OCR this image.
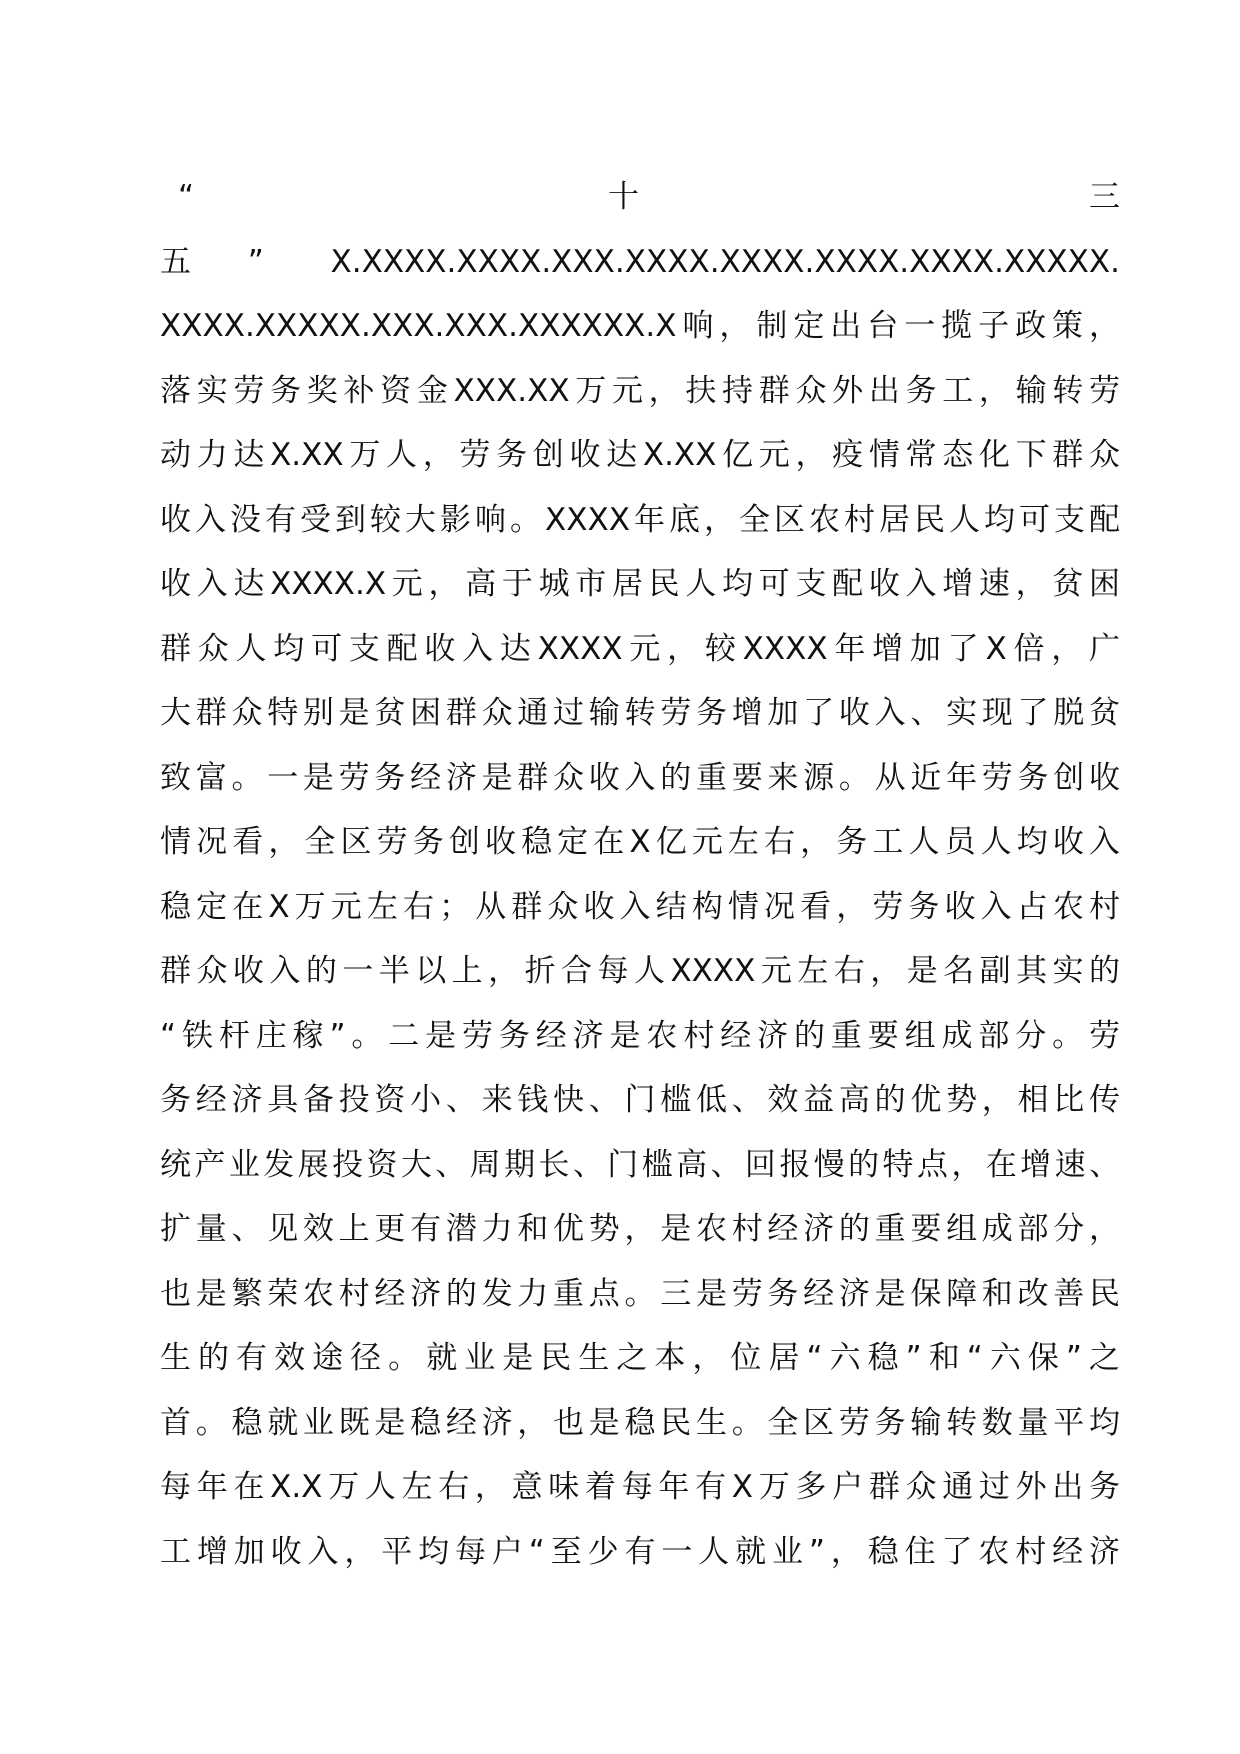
“	十	三
五” X.XXXX.XXXX.XXX.XXXX.XXXX.XXXX.XXXX.XXXXX.
XXXX.XXXXX.XXX.XXX.XXXXXX.X响，制定出台一揽子政策，
落实劳务奖补资金XXX.XX万元，扶持群众外出务工，输转劳
动力达X.XX万人，劳务创收达X.XX亿元，疫情常态化下群众
收入没有受到较大影响。XXXX年底，全区农村居民人均可支配
收入达XXXX.X元，高于城市居民人均可支配收入增速，贫困
群众人均可支配收入达XXXX元，较XXXX年增加了X倍，广
大群众特别是贫困群众通过输转劳务增加了收入、实现了脱贫
致富。一是劳务经济是群众收入的重要来源。从近年劳务创收
情况看，全区劳务创收稳定在X亿元左右，务工人员人均收入
稳定在X万元左右；从群众收入结构情况看，劳务收入占农村
群众收入的一半以上，折合每人XXXX元左右，是名副其实的
“铁杆庄稼”。二是劳务经济是农村经济的重要组成部分。劳
务经济具备投资小、来钱快、门槛低、效益高的优势，相比传
统产业发展投资大、周期长、门槛高、回报慢的特点，在增速、
扩量、见效上更有潜力和优势，是农村经济的重要组成部分，
也是繁荣农村经济的发力重点。三是劳务经济是保障和改善民
生的有效途径。就业是民生之本，位居“六稳”和“六保”之
首。稳就业既是稳经济，也是稳民生。全区劳务输转数量平均
每年在X.X万人左右，意味着每年有X万多户群众通过外出务
工增加收入，平均每户“至少有一人就业”，稳住了农村经济
